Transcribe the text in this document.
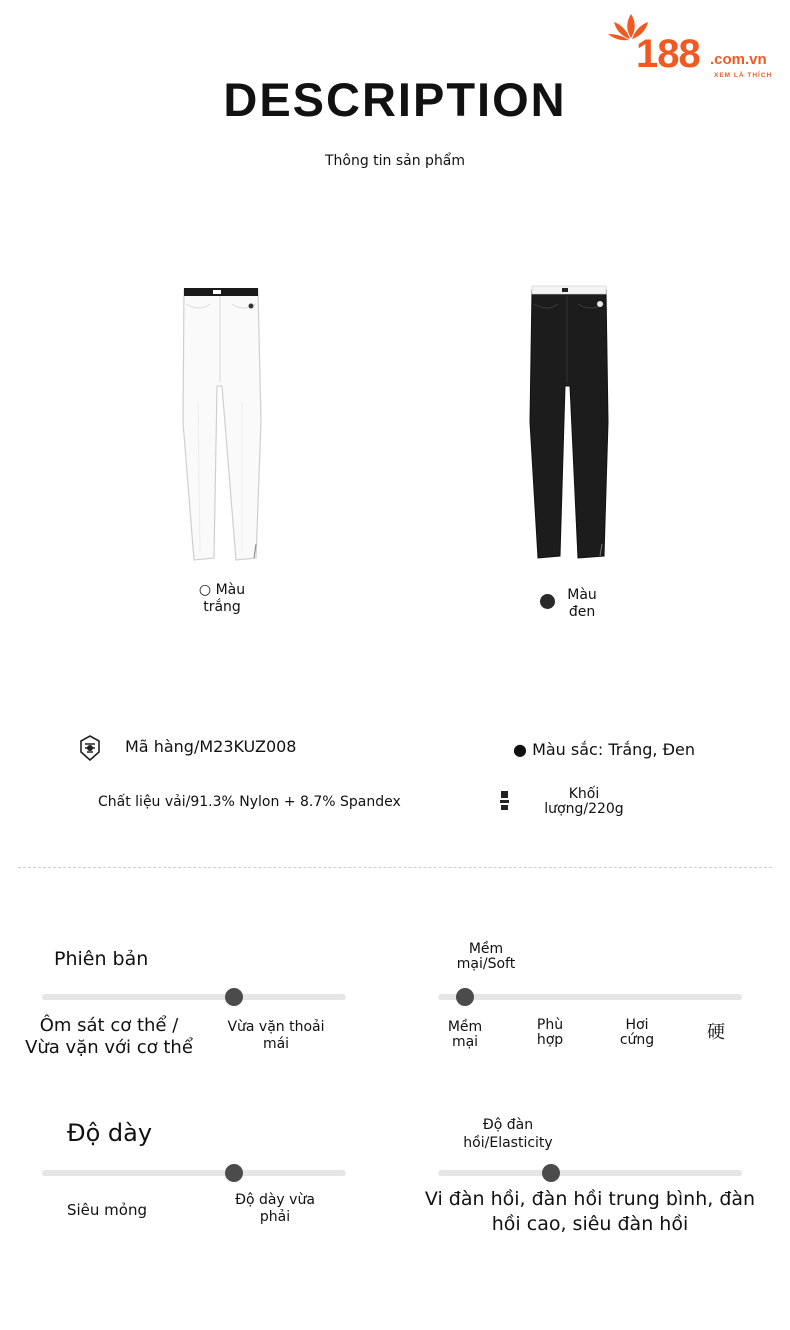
188 .com.vn
XEM LÀ THÍCH
DESCRIPTION
Thông tin sản phẩm
○ Màu
trắng
Màu
đen
Mã hàng/M23KUZ008	● Màu sắc: Trắng, Đen
Chất liệu vải/91.3% Nylon + 8.7% Spandex	Khối
lượng/220g
Phiên bản
Ôm sát cơ thể /
Vừa vặn với cơ thể
Vừa vặn thoải
mái
Mềm
mại/Soft
Mềm
mại
Phù
hợp
Hơi
cứng	硬
Độ dày
Siêu mỏng
Độ dày vừa
phải
Độ đàn
hồi/Elasticity
Vi đàn hồi, đàn hồi trung bình, đàn
hồi cao, siêu đàn hồi
